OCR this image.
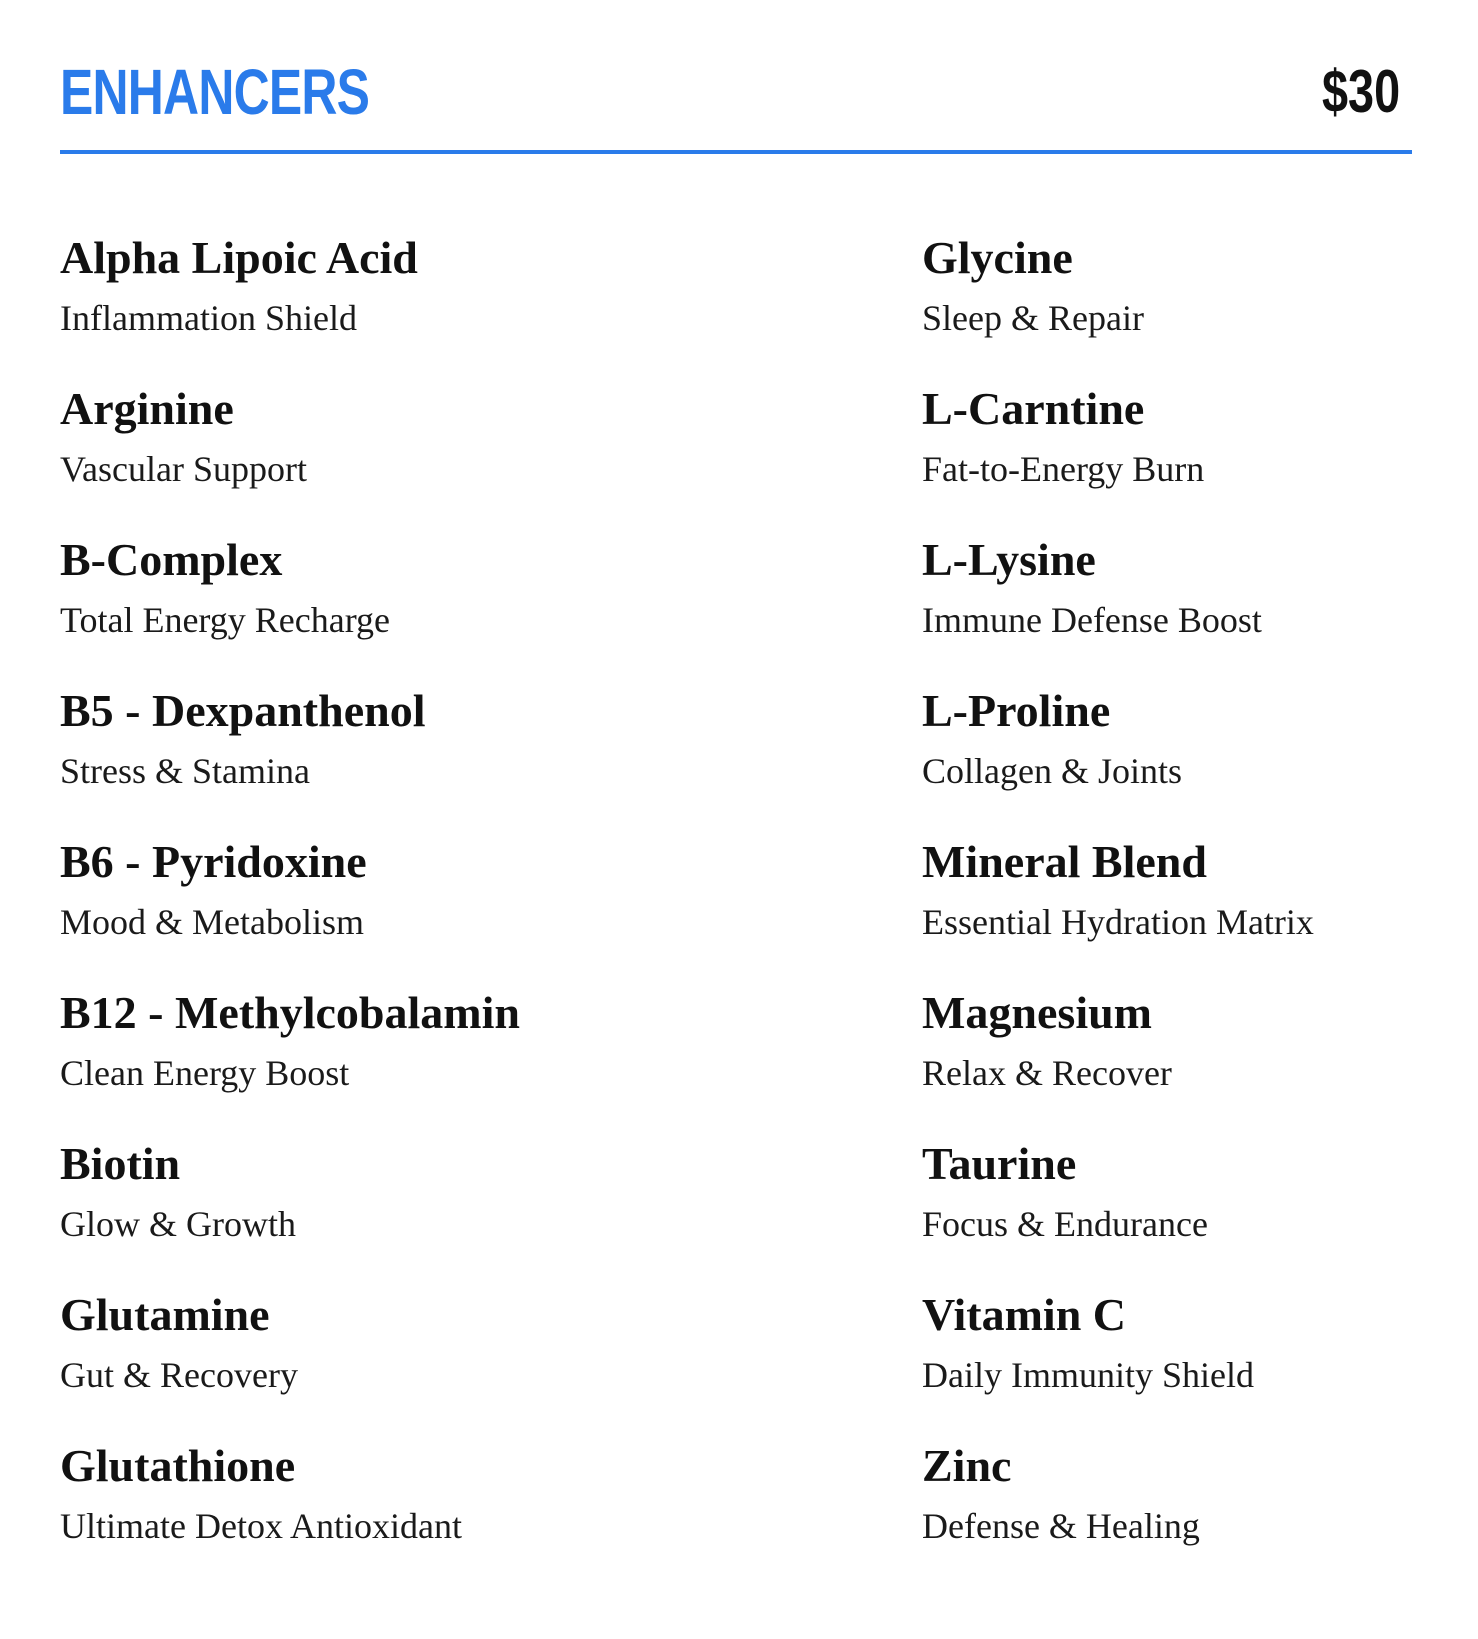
ENHANCERS	$30
Alpha Lipoic Acid
Inflammation Shield
Arginine
Vascular Support
B-Complex
Total Energy Recharge
B5 - Dexpanthenol
Stress & Stamina
B6 - Pyridoxine
Mood & Metabolism
B12 - Methylcobalamin
Clean Energy Boost
Biotin
Glow & Growth
Glutamine
Gut & Recovery
Glutathione
Ultimate Detox Antioxidant
Glycine
Sleep & Repair
L-Carntine
Fat-to-Energy Burn
L-Lysine
Immune Defense Boost
L-Proline
Collagen & Joints
Mineral Blend
Essential Hydration Matrix
Magnesium
Relax & Recover
Taurine
Focus & Endurance
Vitamin C
Daily Immunity Shield
Zinc
Defense & Healing
